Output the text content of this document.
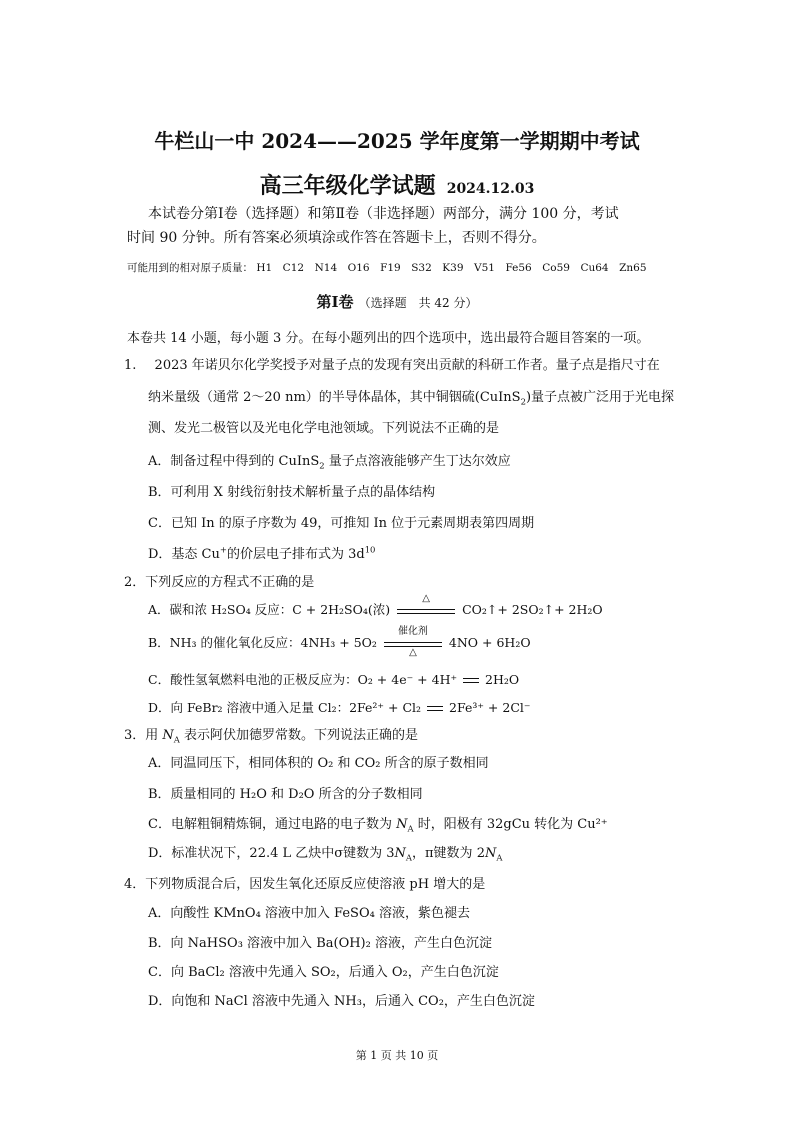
牛栏山一中 2024——2025 学年度第一学期期中考试
高三年级化学试题 2024.12.03
本试卷分第Ⅰ卷（选择题）和第Ⅱ卷（非选择题）两部分，满分 100 分，考试
时间 90 分钟。所有答案必须填涂或作答在答题卡上，否则不得分。
可能用到的相对原子质量： H1　C12　N14　O16　F19　S32　K39　V51　Fe56　Co59　Cu64　Zn65
第Ⅰ卷 （选择题　共 42 分）
本卷共 14 小题，每小题 3 分。在每小题列出的四个选项中，选出最符合题目答案的一项。
1. 2023 年诺贝尔化学奖授予对量子点的发现有突出贡献的科研工作者。量子点是指尺寸在
纳米量级（通常 2～20 nm）的半导体晶体，其中铜铟硫(CuInS$_2$)量子点被广泛用于光电探
测、发光二极管以及光电化学电池领域。下列说法不正确的是
A．制备过程中得到的 CuInS$_2$ 量子点溶液能够产生丁达尔效应
B．可利用 X 射线衍射技术解析量子点的晶体结构
C．已知 In 的原子序数为 49，可推知 In 位于元素周期表第四周期
D．基态 Cu+的价层电子排布式为 $3d^{10}$
2．下列反应的方程式不正确的是
A．碳和浓 H₂SO₄ 反应：C + 2H₂SO₄(浓)
△
CO₂↑+ 2SO₂↑+ 2H₂O
B．NH₃ 的催化氧化反应：$4NH_3 + 5O_2 \frac{\text{催化剂}}{\triangle} 4NO + 6H_2O$
C．酸性氢氧燃料电池的正极反应为：O₂ + 4e⁻ + 4H⁺ 2H₂O
D．向 FeBr₂ 溶液中通入足量 Cl₂：2Fe²⁺ + Cl₂ 2Fe³⁺ + 2Cl⁻
3．用 $N_A$ 表示阿伏加德罗常数。下列说法正确的是
A．同温同压下，相同体积的 O₂ 和 CO₂ 所含的原子数相同
B．质量相同的 H₂O 和 D₂O 所含的分子数相同
C．电解粗铜精炼铜，通过电路的电子数为 $N_A$ 时，阳极有 32gCu 转化为 Cu²⁺
D．标准状况下，22.4 L 乙炔中σ键数为 $3N_A$，π键数为 $2N_A$
4．下列物质混合后，因发生氧化还原反应使溶液 pH 增大的是
A．向酸性 KMnO₄ 溶液中加入 FeSO₄ 溶液，紫色褪去
B．向 NaHSO₃ 溶液中加入 Ba(OH)₂ 溶液，产生白色沉淀
C．向 BaCl₂ 溶液中先通入 SO₂，后通入 O₂，产生白色沉淀
D．向饱和 NaCl 溶液中先通入 NH₃，后通入 CO₂，产生白色沉淀
第 1 页 共 10 页
